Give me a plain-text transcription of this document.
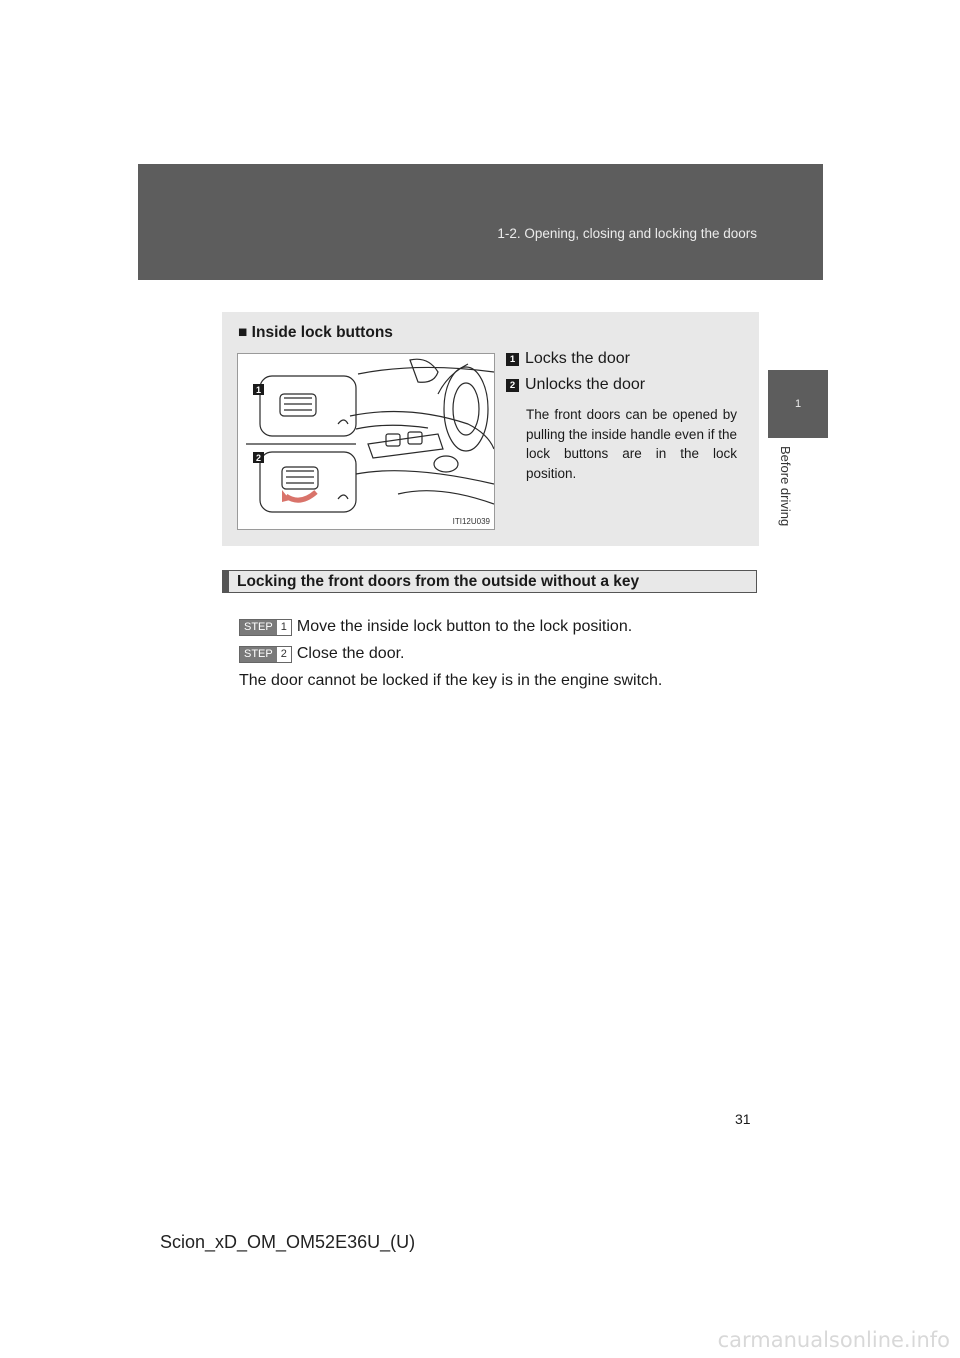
1-2. Opening, closing and locking the doors
1
Before driving
■ Inside lock buttons
1
2
ITI12U039
1 Locks the door
2 Unlocks the door
The front doors can be opened by pulling the inside handle even if the lock buttons are in the lock position.
Locking the front doors from the outside without a key
STEP 1 Move the inside lock button to the lock position.
STEP 2 Close the door.
The door cannot be locked if the key is in the engine switch.
31
Scion_xD_OM_OM52E36U_(U)
carmanualsonline.info
